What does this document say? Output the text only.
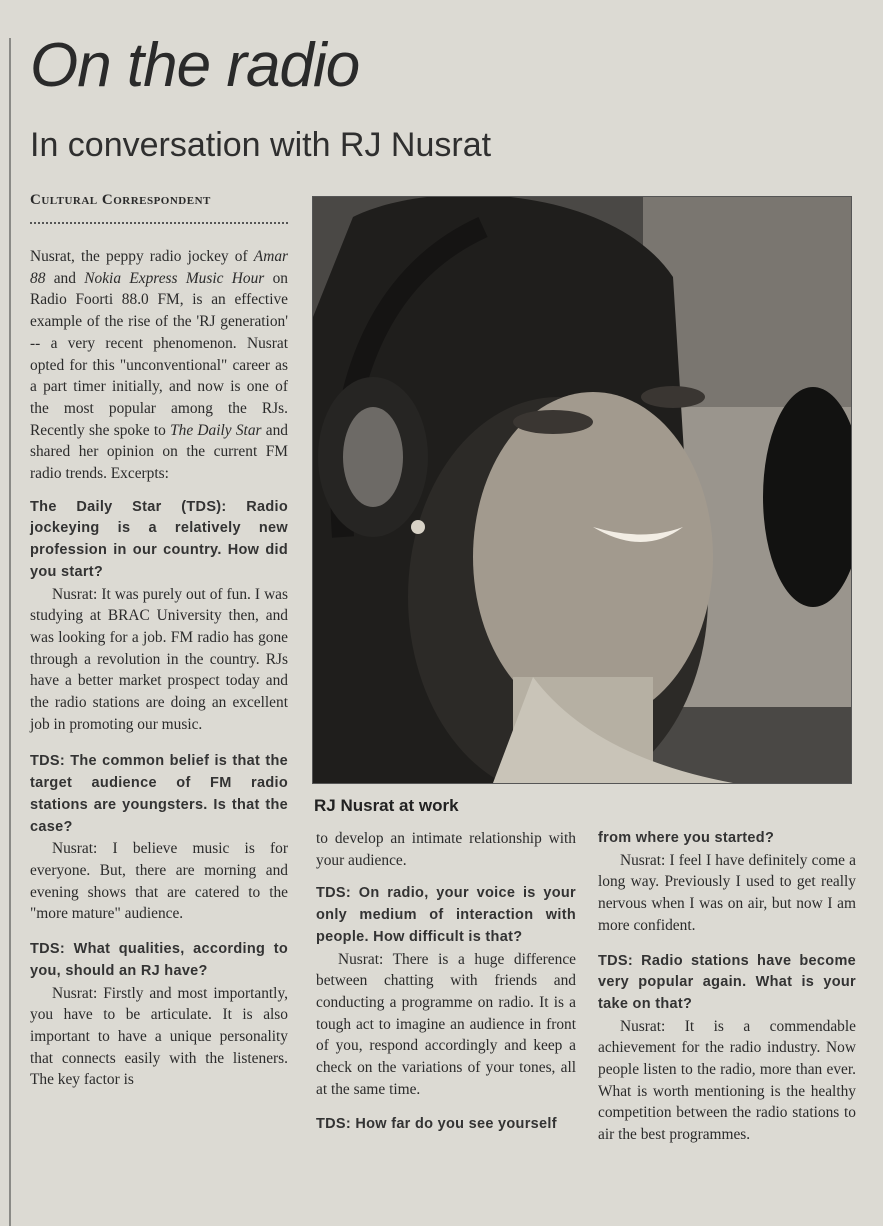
On the radio
In conversation with RJ Nusrat
Cultural Correspondent

Nusrat, the peppy radio jockey of Amar 88 and Nokia Express Music Hour on Radio Foorti 88.0 FM, is an effective example of the rise of the 'RJ generation' -- a very recent phenomenon. Nusrat opted for this "unconventional" career as a part timer initially, and now is one of the most popular among the RJs. Recently she spoke to The Daily Star and shared her opinion on the current FM radio trends. Excerpts:

The Daily Star (TDS): Radio jockeying is a relatively new profession in our country. How did you start?

Nusrat: It was purely out of fun. I was studying at BRAC University then, and was looking for a job. FM radio has gone through a revolution in the country. RJs have a better market prospect today and the radio stations are doing an excellent job in promoting our music.

TDS: The common belief is that the target audience of FM radio stations are youngsters. Is that the case?

Nusrat: I believe music is for everyone. But, there are morning and evening shows that are catered to the "more mature" audience.

TDS: What qualities, according to you, should an RJ have?

Nusrat: Firstly and most importantly, you have to be articulate. It is also important to have a unique personality that connects easily with the listeners. The key factor is

RJ Nusrat at work

to develop an intimate relationship with your audience.

TDS: On radio, your voice is your only medium of interaction with people. How difficult is that?

Nusrat: There is a huge difference between chatting with friends and conducting a programme on radio. It is a tough act to imagine an audience in front of you, respond accordingly and keep a check on the variations of your tones, all at the same time.

TDS: How far do you see yourself

from where you started?

Nusrat: I feel I have definitely come a long way. Previously I used to get really nervous when I was on air, but now I am more confident.

TDS: Radio stations have become very popular again. What is your take on that?

Nusrat: It is a commendable achievement for the radio industry. Now people listen to the radio, more than ever. What is worth mentioning is the healthy competition between the radio stations to air the best programmes.
